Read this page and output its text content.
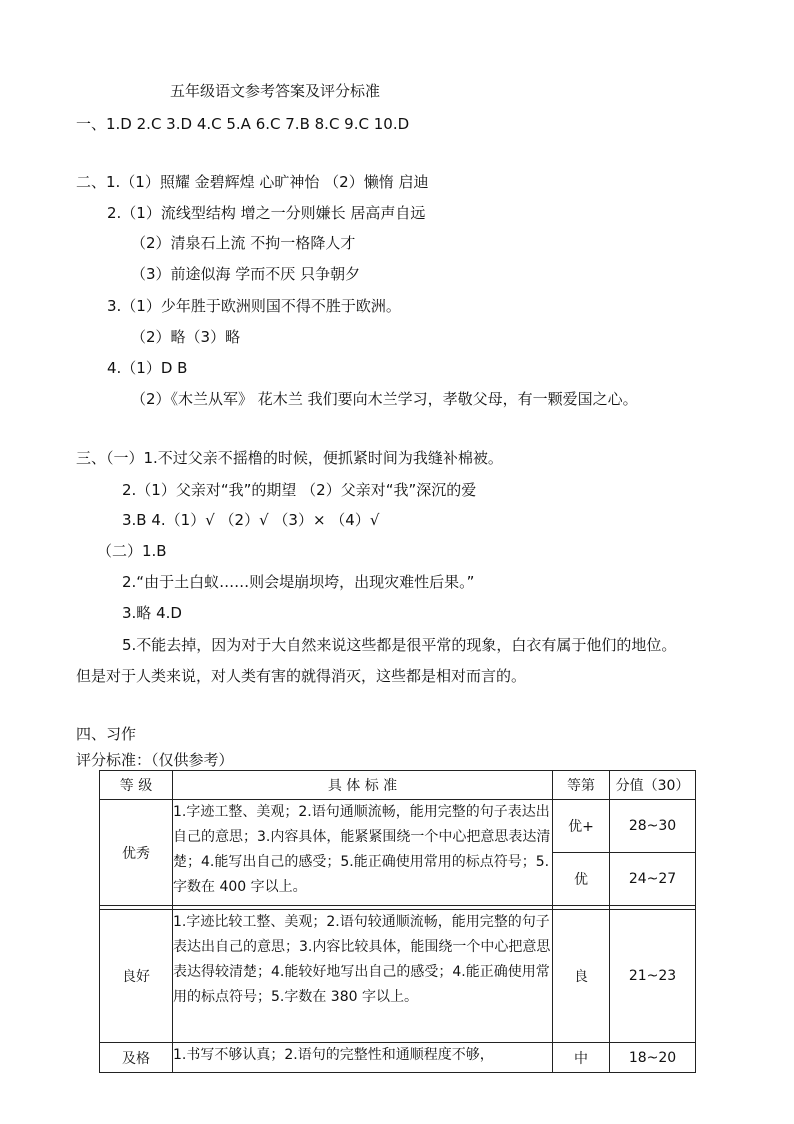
五年级语文参考答案及评分标准
一、1.D 2.C 3.D 4.C 5.A 6.C 7.B 8.C 9.C 10.D
二、1.（1）照耀 金碧辉煌 心旷神怡 （2）懒惰 启迪
2.（1）流线型结构 增之一分则嫌长 居高声自远
（2）清泉石上流 不拘一格降人才
（3）前途似海 学而不厌 只争朝夕
3.（1）少年胜于欧洲则国不得不胜于欧洲。
（2）略（3）略
4.（1）D B
（2）《木兰从军》 花木兰 我们要向木兰学习，孝敬父母，有一颗爱国之心。
三、（一）1.不过父亲不摇橹的时候，便抓紧时间为我缝补棉被。
2.（1）父亲对“我”的期望 （2）父亲对“我”深沉的爱
3.B 4.（1）√ （2）√ （3）× （4）√
（二）1.B
2.“由于土白蚁……则会堤崩坝垮，出现灾难性后果。”
3.略 4.D
5.不能去掉，因为对于大自然来说这些都是很平常的现象，白衣有属于他们的地位。
但是对于人类来说，对人类有害的就得消灭，这些都是相对而言的。
四、习作
评分标准：（仅供参考）
等 级	具 体 标 准	等第	分值（30）
优秀	1.字迹工整、美观；2.语句通顺流畅，能用完整的句子表达出自己的意思；3.内容具体，能紧紧围绕一个中心把意思表达清楚；4.能写出自己的感受；5.能正确使用常用的标点符号；5.字数在 400 字以上。	优+	28~30
		优	24~27

良好	1.字迹比较工整、美观；2.语句较通顺流畅，能用完整的句子表达出自己的意思；3.内容比较具体，能围绕一个中心把意思表达得较清楚；4.能较好地写出自己的感受；4.能正确使用常用的标点符号；5.字数在 380 字以上。	良	21~23
及格	1.书写不够认真；2.语句的完整性和通顺程度不够，	中	18~20
